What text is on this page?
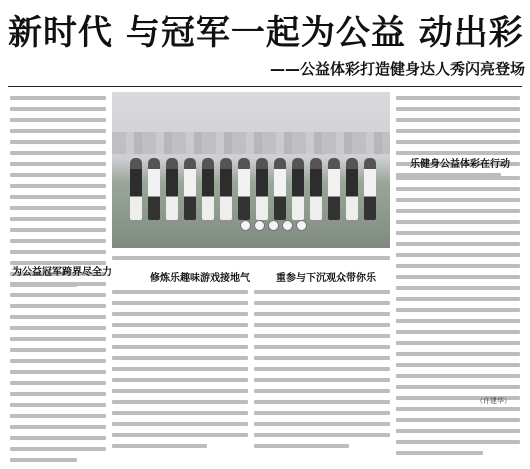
新时代 与冠军一起为公益 动出彩
——公益体彩打造健身达人秀闪亮登场
乐健身公益体彩在行动
为公益冠军跨界尽全力
修炼乐趣味游戏接地气	重参与下沉观众带你乐
（许建华）
